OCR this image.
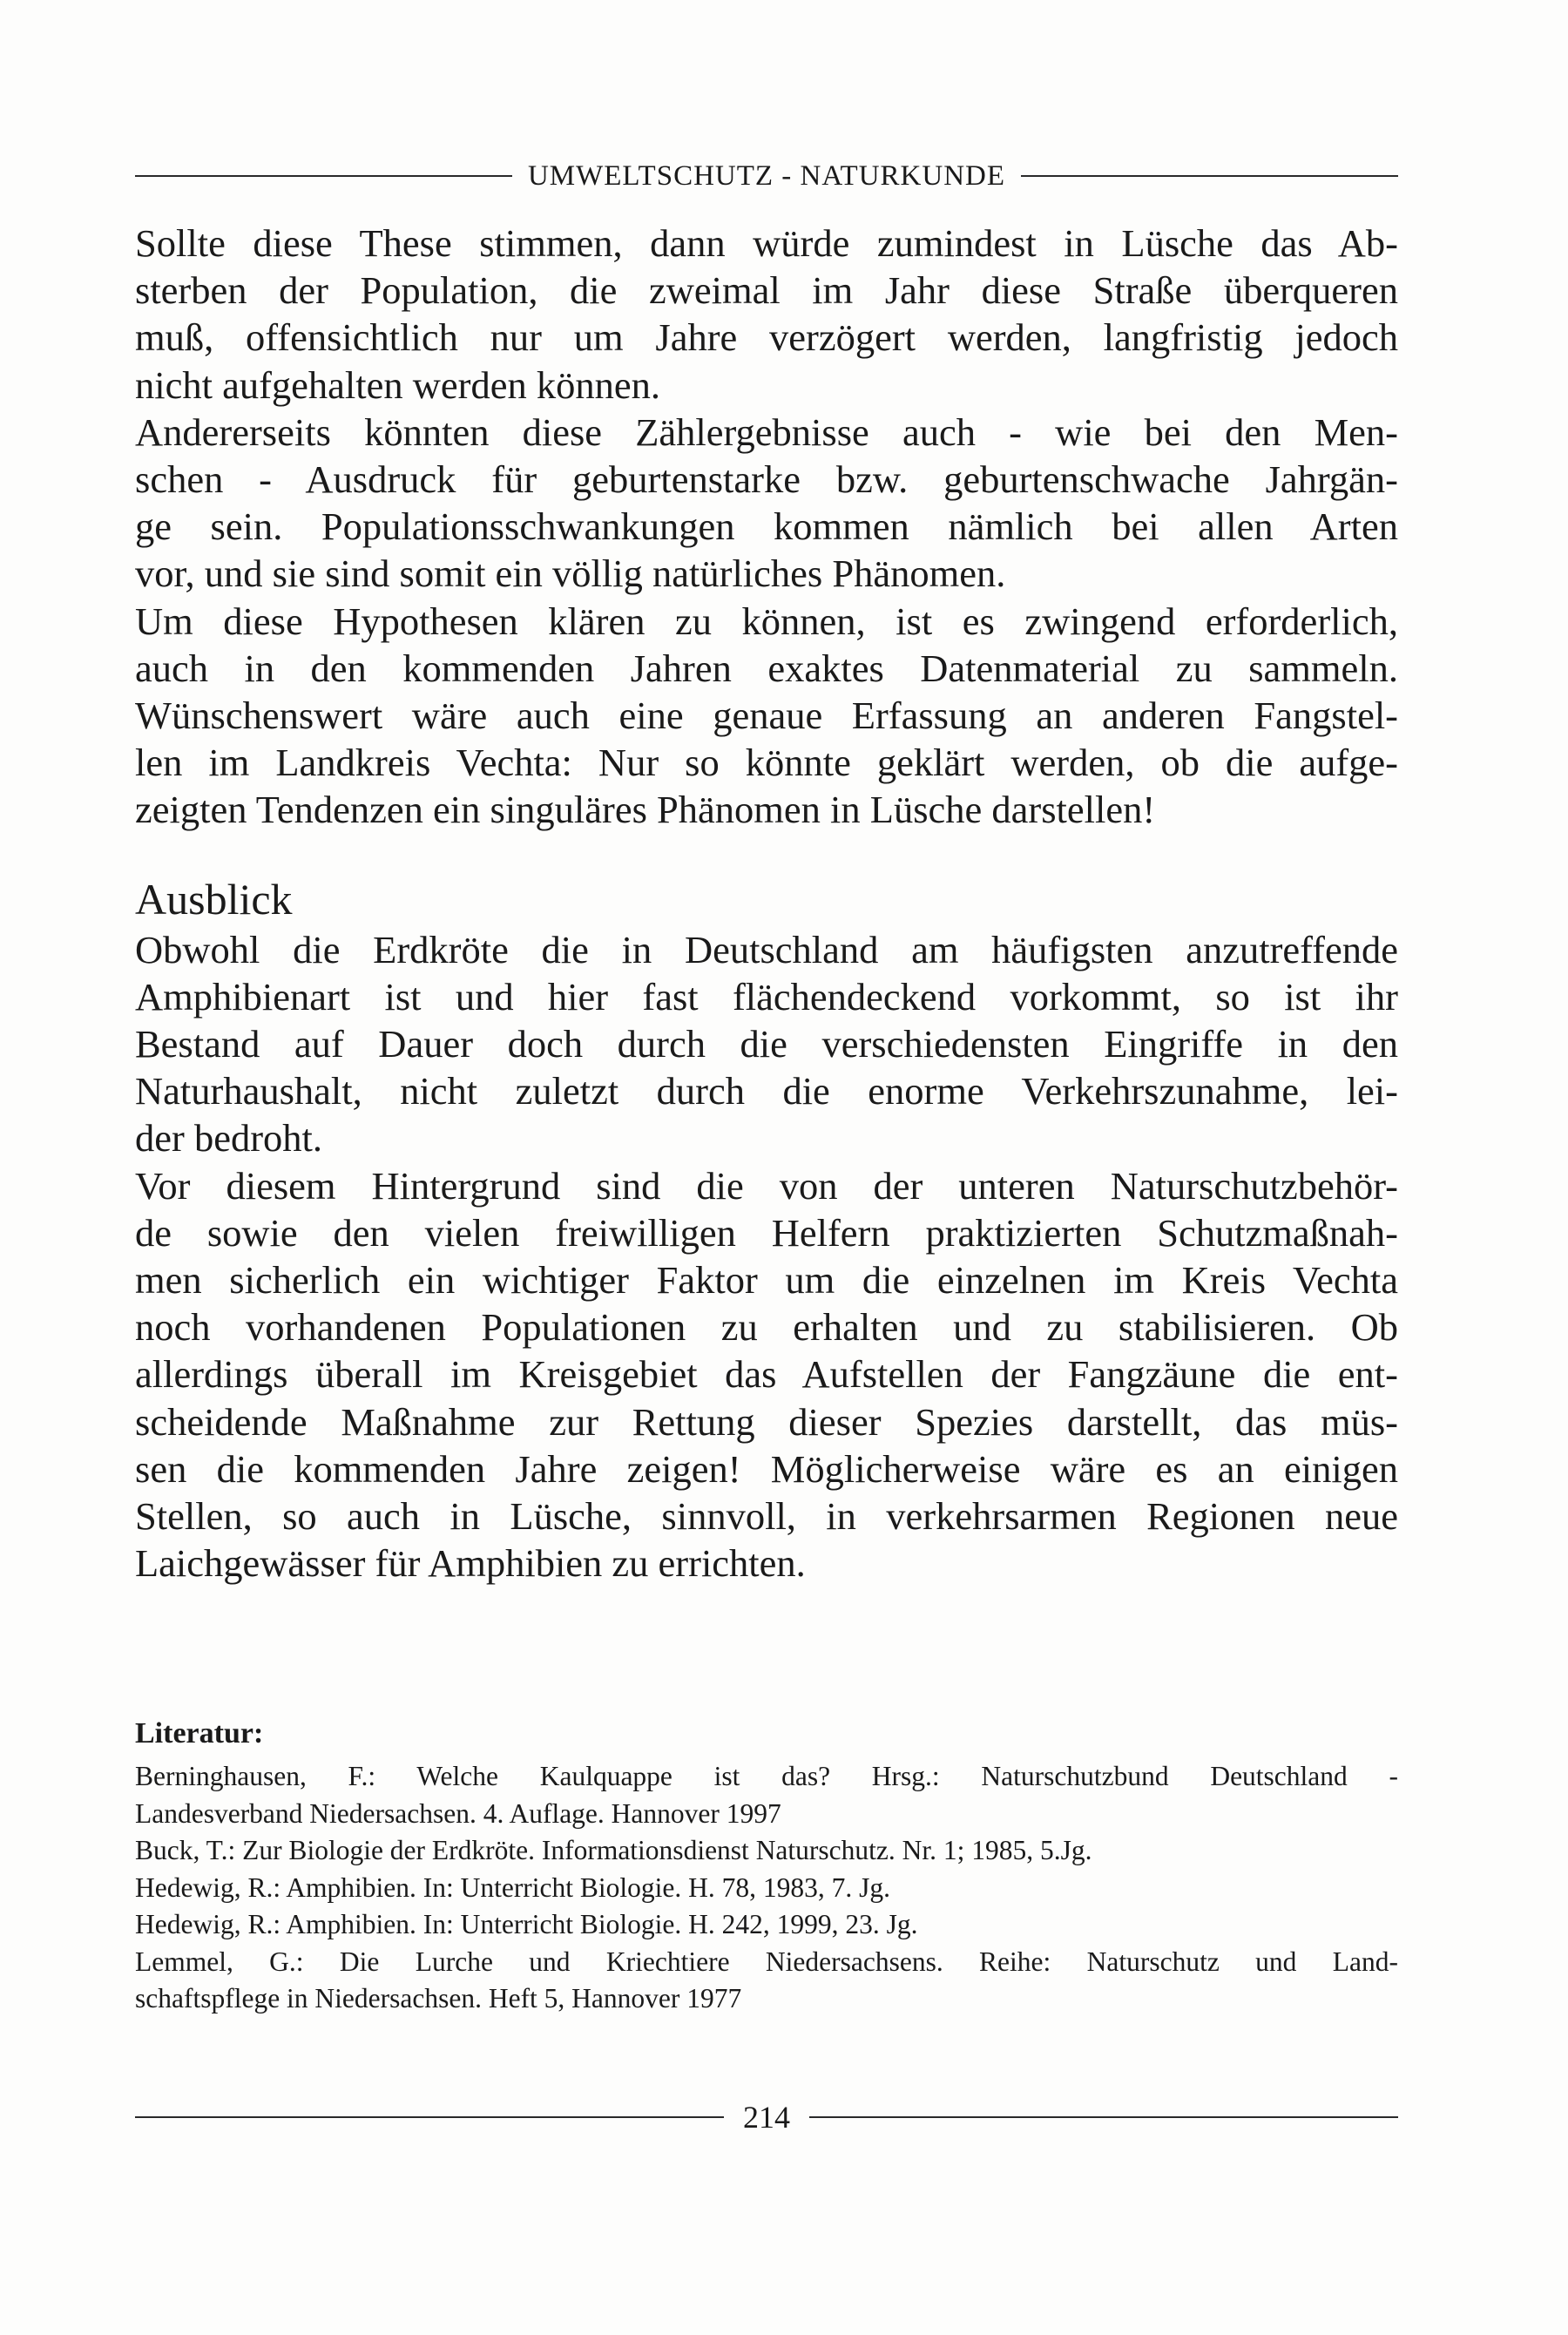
UMWELTSCHUTZ - NATURKUNDE

Sollte diese These stimmen, dann würde zumindest in Lüsche das Ab-
sterben der Population, die zweimal im Jahr diese Straße überqueren
muß, offensichtlich nur um Jahre verzögert werden, langfristig jedoch
nicht aufgehalten werden können.

Andererseits könnten diese Zählergebnisse auch - wie bei den Men-
schen - Ausdruck für geburtenstarke bzw. geburtenschwache Jahrgän-
ge sein. Populationsschwankungen kommen nämlich bei allen Arten
vor, und sie sind somit ein völlig natürliches Phänomen.

Um diese Hypothesen klären zu können, ist es zwingend erforderlich,
auch in den kommenden Jahren exaktes Datenmaterial zu sammeln.
Wünschenswert wäre auch eine genaue Erfassung an anderen Fangstel-
len im Landkreis Vechta: Nur so könnte geklärt werden, ob die aufge-
zeigten Tendenzen ein singuläres Phänomen in Lüsche darstellen!

Ausblick

Obwohl die Erdkröte die in Deutschland am häufigsten anzutreffende
Amphibienart ist und hier fast flächendeckend vorkommt, so ist ihr
Bestand auf Dauer doch durch die verschiedensten Eingriffe in den
Naturhaushalt, nicht zuletzt durch die enorme Verkehrszunahme, lei-
der bedroht.

Vor diesem Hintergrund sind die von der unteren Naturschutzbehör-
de sowie den vielen freiwilligen Helfern praktizierten Schutzmaßnah-
men sicherlich ein wichtiger Faktor um die einzelnen im Kreis Vechta
noch vorhandenen Populationen zu erhalten und zu stabilisieren. Ob
allerdings überall im Kreisgebiet das Aufstellen der Fangzäune die ent-
scheidende Maßnahme zur Rettung dieser Spezies darstellt, das müs-
sen die kommenden Jahre zeigen! Möglicherweise wäre es an einigen
Stellen, so auch in Lüsche, sinnvoll, in verkehrsarmen Regionen neue
Laichgewässer für Amphibien zu errichten.

Literatur:

Berninghausen, F.: Welche Kaulquappe ist das? Hrsg.: Naturschutzbund Deutschland -
Landesverband Niedersachsen. 4. Auflage. Hannover 1997

Buck, T.: Zur Biologie der Erdkröte. Informationsdienst Naturschutz. Nr. 1; 1985, 5.Jg.

Hedewig, R.: Amphibien. In: Unterricht Biologie. H. 78, 1983, 7. Jg.

Hedewig, R.: Amphibien. In: Unterricht Biologie. H. 242, 1999, 23. Jg.

Lemmel, G.: Die Lurche und Kriechtiere Niedersachsens. Reihe: Naturschutz und Land-
schaftspflege in Niedersachsen. Heft 5, Hannover 1977

214
